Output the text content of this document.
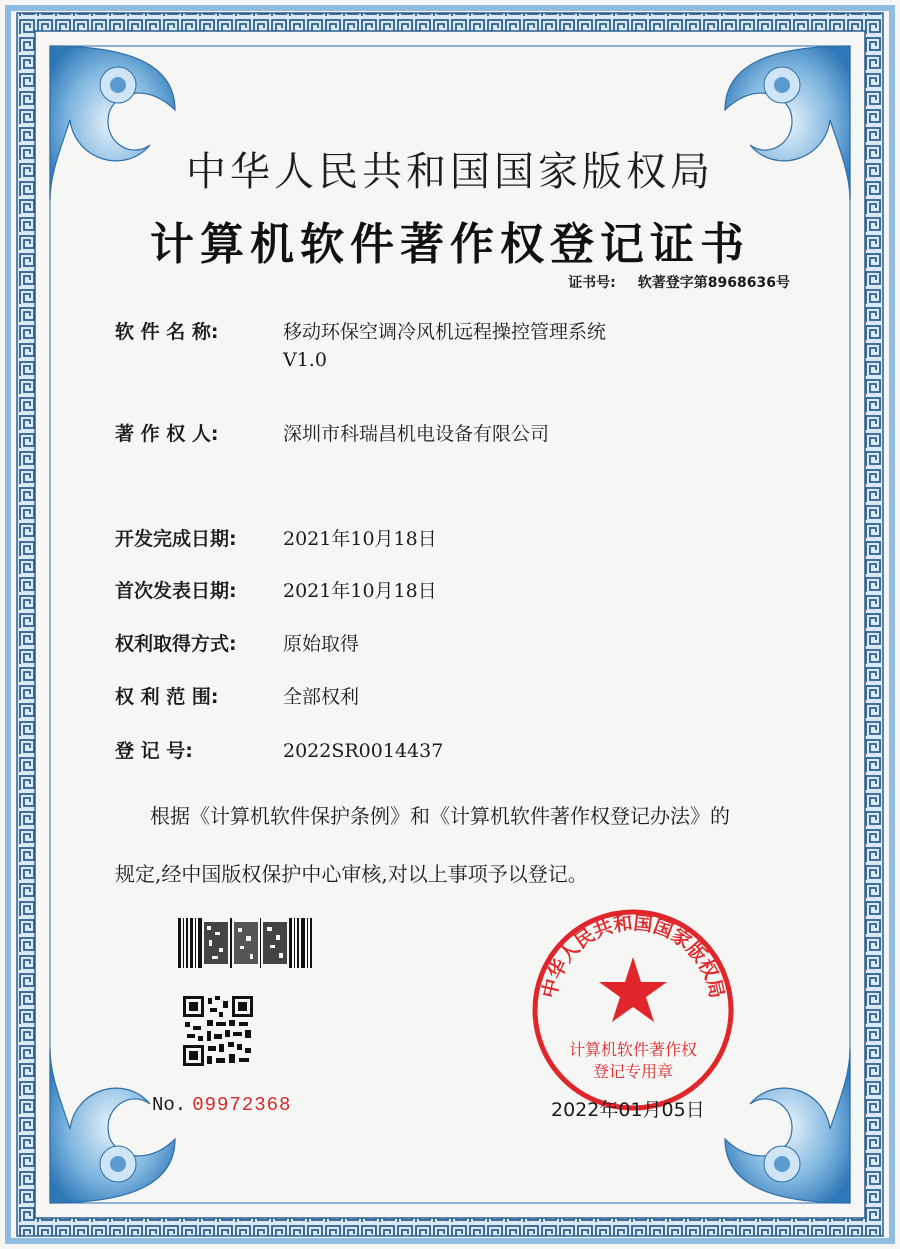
中华人民共和国国家版权局
计算机软件著作权登记证书
证书号: 软著登字第8968636号
软 件 名 称:	移动环保空调冷风机远程操控管理系统
V1.0
著 作 权 人:	深圳市科瑞昌机电设备有限公司
开发完成日期:	2021年10月18日
首次发表日期:	2021年10月18日
权利取得方式:	原始取得
权 利 范 围:	全部权利
登 记 号:	2022SR0014437
根据《计算机软件保护条例》和《计算机软件著作权登记办法》的
规定,经中国版权保护中心审核,对以上事项予以登记。
No. 09972368
中华人民共和国国家版权局
计算机软件著作权
登记专用章
2022年01月05日
